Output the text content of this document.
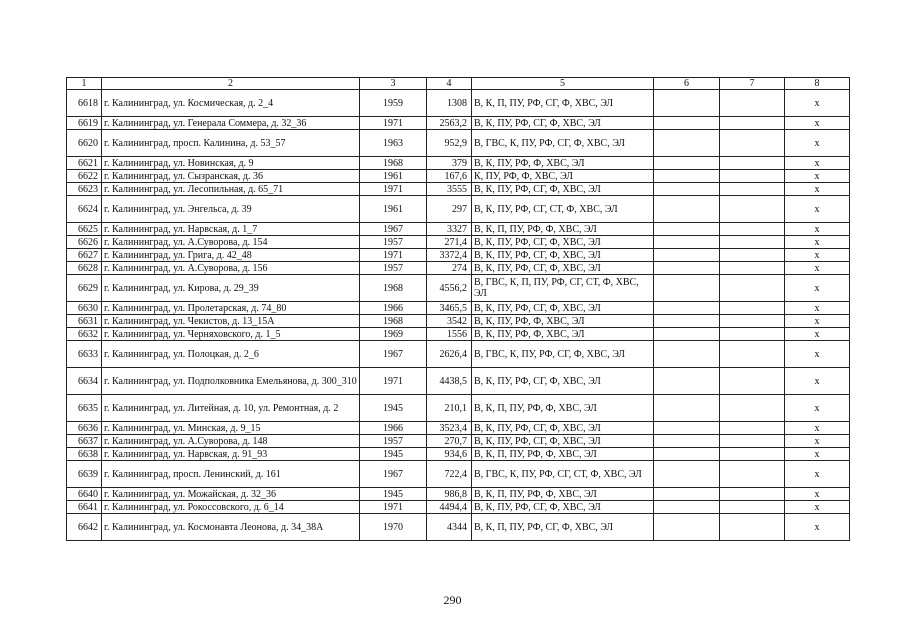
1	2	3	4	5	6	7	8
6618	г. Калининград, ул. Космическая, д. 2_4	1959	1308	В, К, П, ПУ, РФ, СГ, Ф, ХВС, ЭЛ			x
6619	г. Калининград, ул. Генерала Соммера, д. 32_36	1971	2563,2	В, К, ПУ, РФ, СГ, Ф, ХВС, ЭЛ			x
6620	г. Калининград, просп. Калинина, д. 53_57	1963	952,9	В, ГВС, К, ПУ, РФ, СГ, Ф, ХВС, ЭЛ			x
6621	г. Калининград, ул. Новинская, д. 9	1968	379	В, К, ПУ, РФ, Ф, ХВС, ЭЛ			x
6622	г. Калининград, ул. Сызранская, д. 36	1961	167,6	К, ПУ, РФ, Ф, ХВС, ЭЛ			x
6623	г. Калининград, ул. Лесопильная, д. 65_71	1971	3555	В, К, ПУ, РФ, СГ, Ф, ХВС, ЭЛ			x
6624	г. Калининград, ул. Энгельса, д. 39	1961	297	В, К, ПУ, РФ, СГ, СТ, Ф, ХВС, ЭЛ			x
6625	г. Калининград, ул. Нарвская, д. 1_7	1967	3327	В, К, П, ПУ, РФ, Ф, ХВС, ЭЛ			x
6626	г. Калининград, ул. А.Суворова, д. 154	1957	271,4	В, К, ПУ, РФ, СГ, Ф, ХВС, ЭЛ			x
6627	г. Калининград, ул. Грига, д. 42_48	1971	3372,4	В, К, ПУ, РФ, СГ, Ф, ХВС, ЭЛ			x
6628	г. Калининград, ул. А.Суворова, д. 156	1957	274	В, К, ПУ, РФ, СГ, Ф, ХВС, ЭЛ			x
6629	г. Калининград, ул. Кирова, д. 29_39	1968	4556,2	В, ГВС, К, П, ПУ, РФ, СГ, СТ, Ф, ХВС, ЭЛ			x
6630	г. Калининград, ул. Пролетарская, д. 74_80	1966	3465,5	В, К, ПУ, РФ, СГ, Ф, ХВС, ЭЛ			x
6631	г. Калининград, ул. Чекистов, д. 13_15А	1968	3542	В, К, ПУ, РФ, Ф, ХВС, ЭЛ			x
6632	г. Калининград, ул. Черняховского, д. 1_5	1969	1556	В, К, ПУ, РФ, Ф, ХВС, ЭЛ			x
6633	г. Калининград, ул. Полоцкая, д. 2_6	1967	2626,4	В, ГВС, К, ПУ, РФ, СГ, Ф, ХВС, ЭЛ			x
6634	г. Калининград, ул. Подполковника Емельянова, д. 300_310	1971	4438,5	В, К, ПУ, РФ, СГ, Ф, ХВС, ЭЛ			x
6635	г. Калининград, ул. Литейная, д. 10, ул. Ремонтная, д. 2	1945	210,1	В, К, П, ПУ, РФ, Ф, ХВС, ЭЛ			x
6636	г. Калининград, ул. Минская, д. 9_15	1966	3523,4	В, К, ПУ, РФ, СГ, Ф, ХВС, ЭЛ			x
6637	г. Калининград, ул. А.Суворова, д. 148	1957	270,7	В, К, ПУ, РФ, СГ, Ф, ХВС, ЭЛ			x
6638	г. Калининград, ул. Нарвская, д. 91_93	1945	934,6	В, К, П, ПУ, РФ, Ф, ХВС, ЭЛ			x
6639	г. Калининград, просп. Ленинский, д. 161	1967	722,4	В, ГВС, К, ПУ, РФ, СГ, СТ, Ф, ХВС, ЭЛ			x
6640	г. Калининград, ул. Можайская, д. 32_36	1945	986,8	В, К, П, ПУ, РФ, Ф, ХВС, ЭЛ			x
6641	г. Калининград, ул. Рокоссовского, д. 6_14	1971	4494,4	В, К, ПУ, РФ, СГ, Ф, ХВС, ЭЛ			x
6642	г. Калининград, ул. Космонавта Леонова, д. 34_38А	1970	4344	В, К, П, ПУ, РФ, СГ, Ф, ХВС, ЭЛ			x
290
